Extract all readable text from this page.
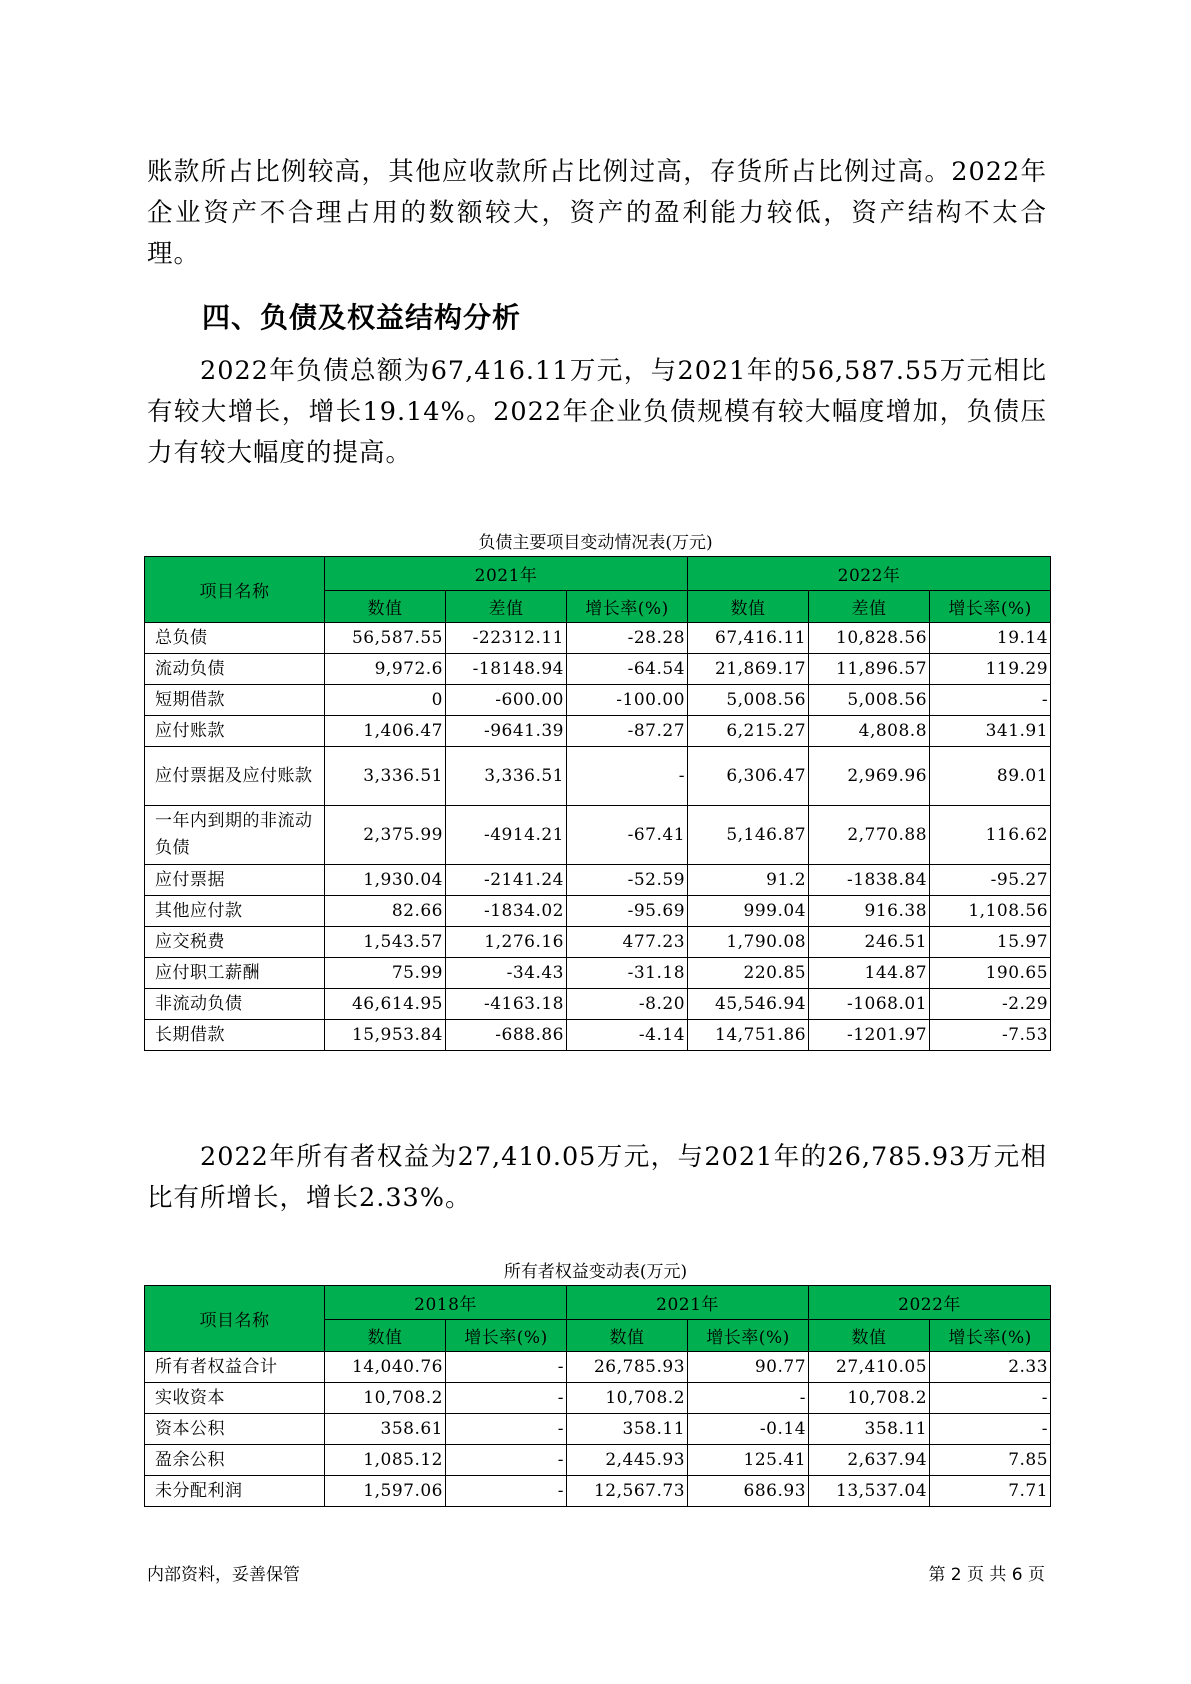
账款所占比例较高，其他应收款所占比例过高，存货所占比例过高。2022年企业资产不合理占用的数额较大，资产的盈利能力较低，资产结构不太合理。

四、负债及权益结构分析

2022年负债总额为67,416.11万元，与2021年的56,587.55万元相比有较大增长，增长19.14%。2022年企业负债规模有较大幅度增加，负债压力有较大幅度的提高。

负债主要项目变动情况表(万元)

项目名称	2021年			2022年		
	数值	差值	增长率(%)	数值	差值	增长率(%)
总负债	56,587.55	-22312.11	-28.28	67,416.11	10,828.56	19.14
流动负债	9,972.6	-18148.94	-64.54	21,869.17	11,896.57	119.29
短期借款	0	-600.00	-100.00	5,008.56	5,008.56	-
应付账款	1,406.47	-9641.39	-87.27	6,215.27	4,808.8	341.91
应付票据及应付账款	3,336.51	3,336.51	-	6,306.47	2,969.96	89.01
一年内到期的非流动负债	2,375.99	-4914.21	-67.41	5,146.87	2,770.88	116.62
应付票据	1,930.04	-2141.24	-52.59	91.2	-1838.84	-95.27
其他应付款	82.66	-1834.02	-95.69	999.04	916.38	1,108.56
应交税费	1,543.57	1,276.16	477.23	1,790.08	246.51	15.97
应付职工薪酬	75.99	-34.43	-31.18	220.85	144.87	190.65
非流动负债	46,614.95	-4163.18	-8.20	45,546.94	-1068.01	-2.29
长期借款	15,953.84	-688.86	-4.14	14,751.86	-1201.97	-7.53

2022年所有者权益为27,410.05万元，与2021年的26,785.93万元相比有所增长，增长2.33%。

所有者权益变动表(万元)

项目名称	2018年		2021年		2022年	
	数值	增长率(%)	数值	增长率(%)	数值	增长率(%)
所有者权益合计	14,040.76	-	26,785.93	90.77	27,410.05	2.33
实收资本	10,708.2	-	10,708.2	-	10,708.2	-
资本公积	358.61	-	358.11	-0.14	358.11	-
盈余公积	1,085.12	-	2,445.93	125.41	2,637.94	7.85
未分配利润	1,597.06	-	12,567.73	686.93	13,537.04	7.71
内部资料，妥善保管	第 2 页 共 6 页
